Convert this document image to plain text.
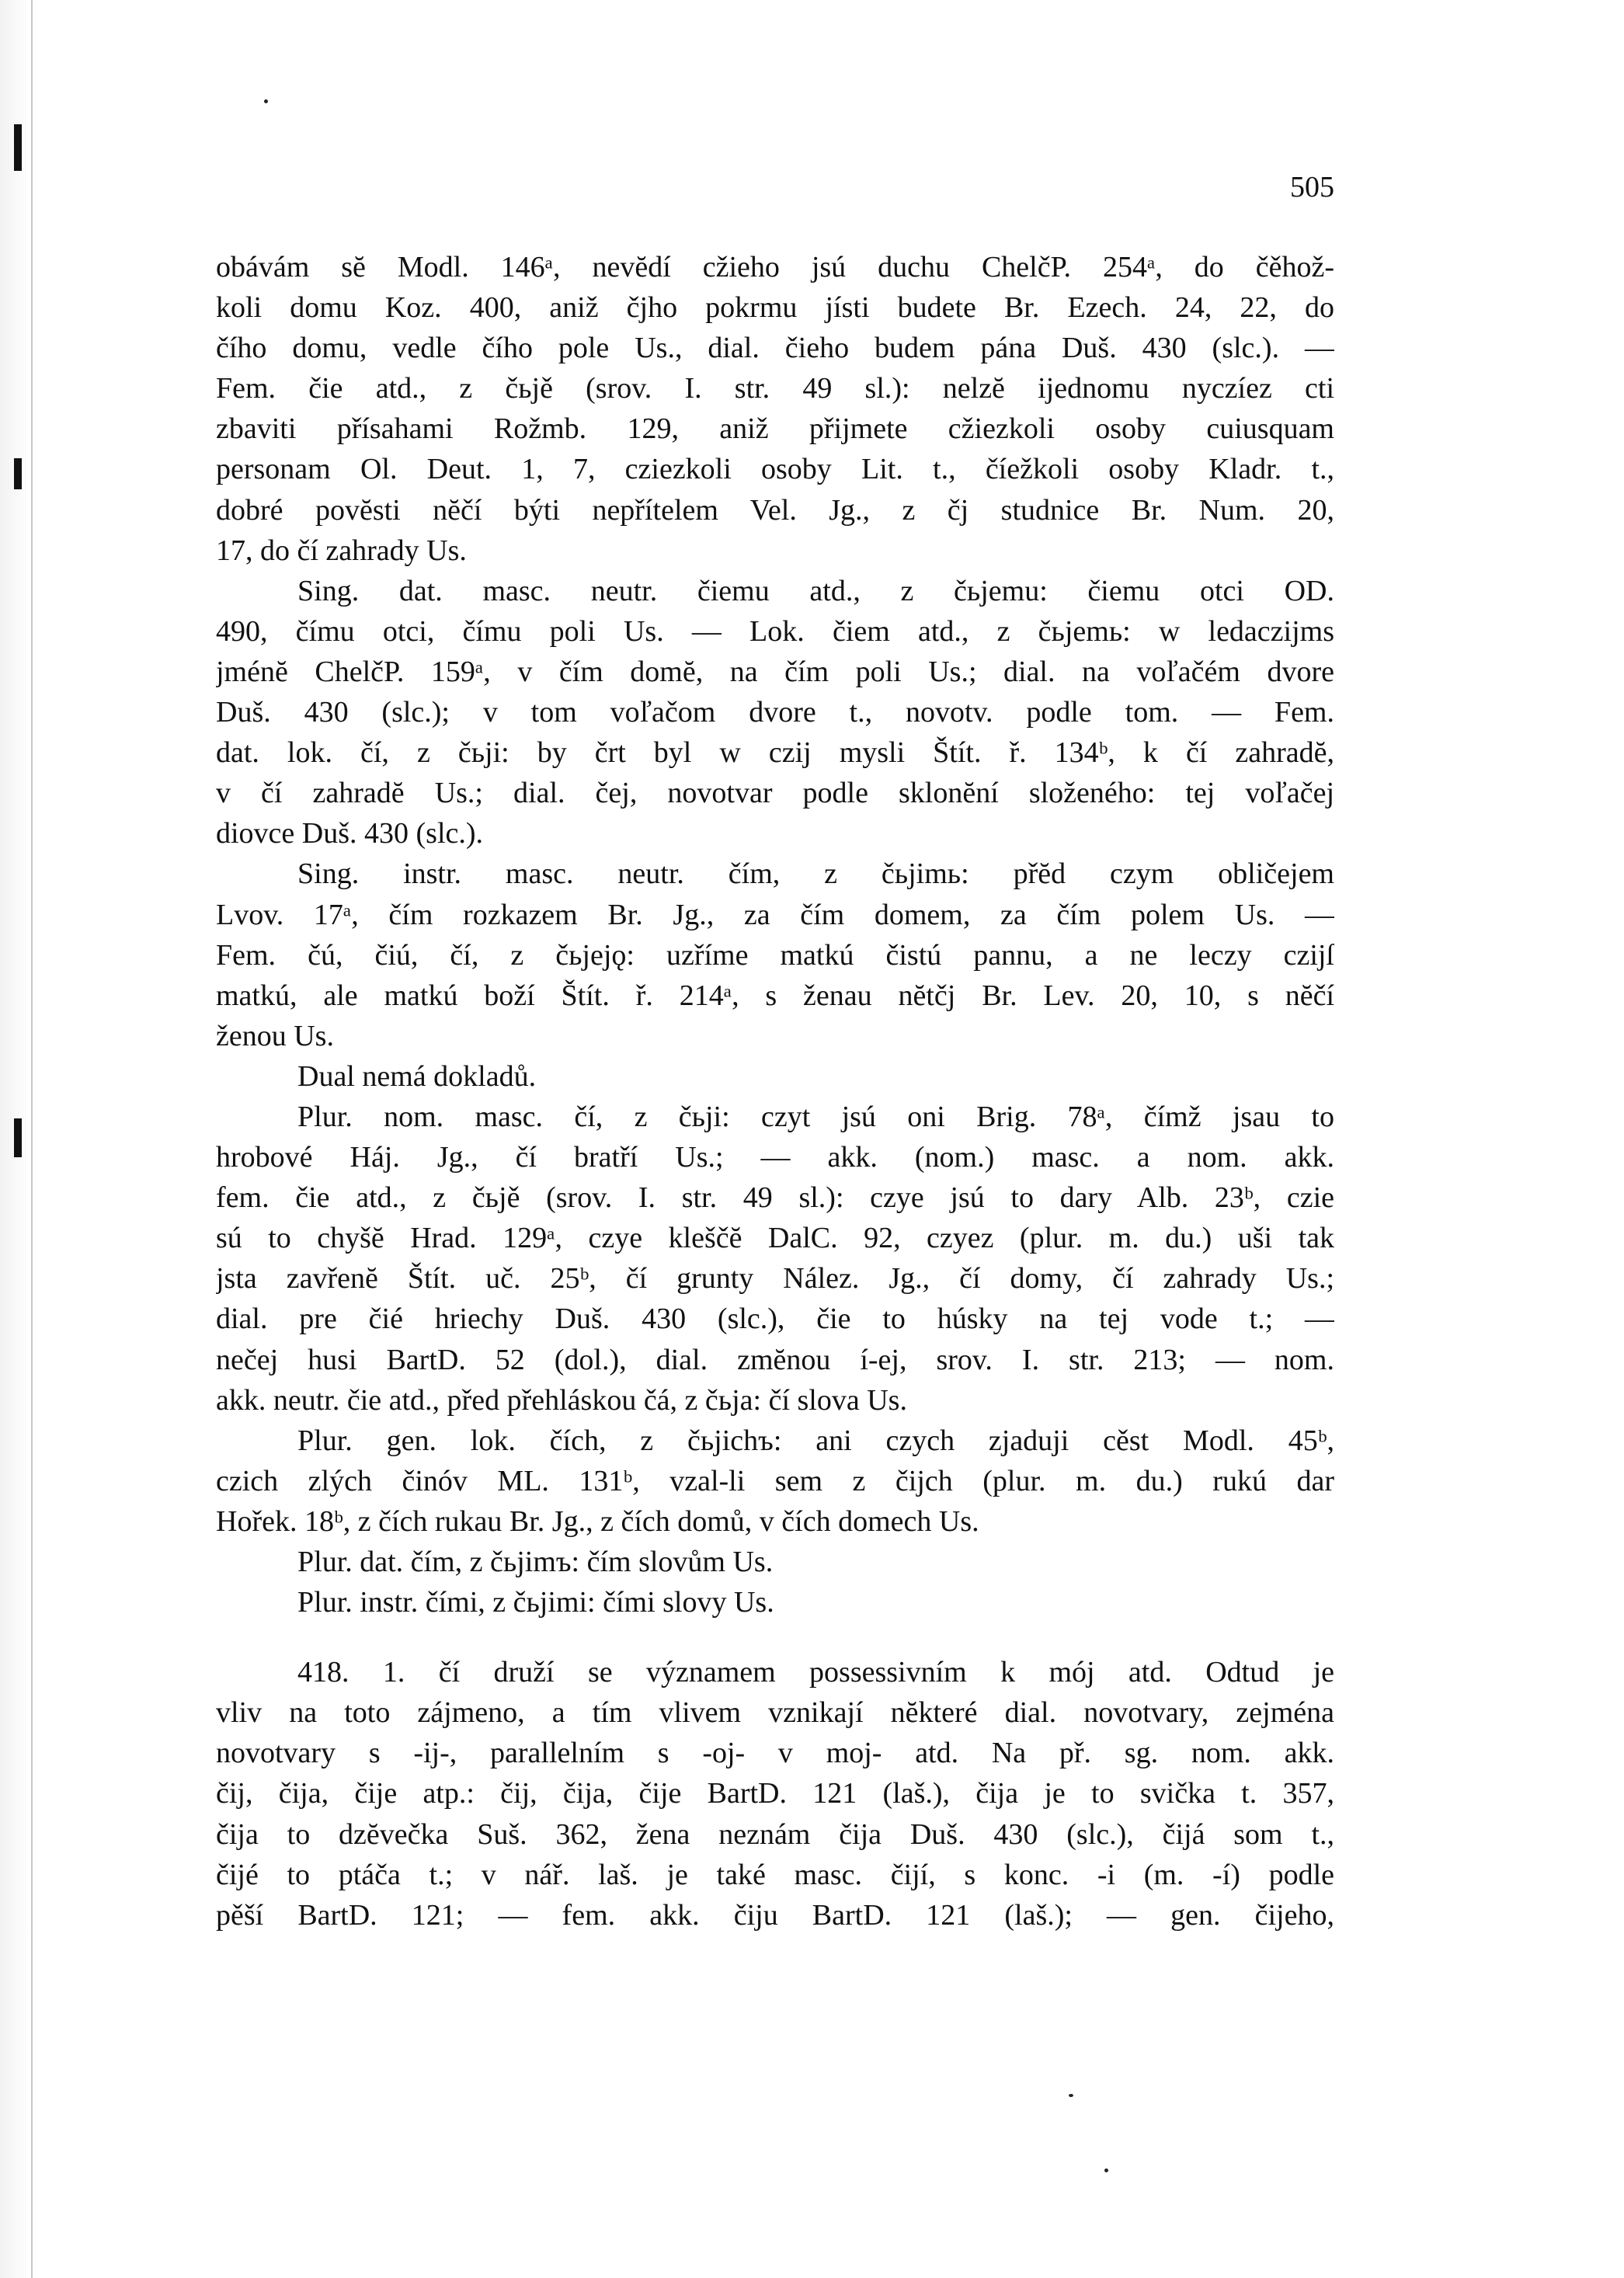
505
obávám sĕ Modl. 146ᵃ, nevĕdí cžieho jsú duchu ChelčP. 254ᵃ, do čěhož-
koli domu Koz. 400, aniž čjho pokrmu jísti budete Br. Ezech. 24, 22, do
čího domu, vedle čího pole Us., dial. čieho budem pána Duš. 430 (slc.). —
Fem. čie atd., z čьjě (srov. I. str. 49 sl.): nelzĕ ijednomu nyczíez cti
zbaviti přísahami Rožmb. 129, aniž přijmete cžiezkoli osoby cuiusquam
personam Ol. Deut. 1, 7, cziezkoli osoby Lit. t., číežkoli osoby Kladr. t.,
dobré povĕsti nĕčí býti nepřítelem Vel. Jg., z čj studnice Br. Num. 20,
17, do čí zahrady Us.
Sing. dat. masc. neutr. čiemu atd., z čьjemu: čiemu otci OD.
490, čímu otci, čímu poli Us. — Lok. čiem atd., z čьjemь: w ledaczijms
jménĕ ChelčP. 159ᵃ, v čím domĕ, na čím poli Us.; dial. na voľačém dvore
Duš. 430 (slc.); v tom voľačom dvore t., novotv. podle tom. — Fem.
dat. lok. čí, z čьji: by črt byl w czij mysli Štít. ř. 134ᵇ, k čí zahradĕ,
v čí zahradĕ Us.; dial. čej, novotvar podle sklonĕní složeného: tej voľačej
diovce Duš. 430 (slc.).
Sing. instr. masc. neutr. čím, z čьjimь: přĕd czym obličejem
Lvov. 17ᵃ, čím rozkazem Br. Jg., za čím domem, za čím polem Us. —
Fem. čú, čiú, čí, z čьjejǫ: uzříme matkú čistú pannu, a ne leczy czijſ
matkú, ale matkú boží Štít. ř. 214ᵃ, s ženau nĕtčj Br. Lev. 20, 10, s nĕčí
ženou Us.
Dual nemá dokladů.
Plur. nom. masc. čí, z čьji: czyt jsú oni Brig. 78ᵃ, čímž jsau to
hrobové Háj. Jg., čí bratří Us.; — akk. (nom.) masc. a nom. akk.
fem. čie atd., z čьjě (srov. I. str. 49 sl.): czye jsú to dary Alb. 23ᵇ, czie
sú to chyšĕ Hrad. 129ᵃ, czye kleščĕ DalC. 92, czyez (plur. m. du.) uši tak
jsta zavřenĕ Štít. uč. 25ᵇ, čí grunty Nález. Jg., čí domy, čí zahrady Us.;
dial. pre čié hriechy Duš. 430 (slc.), čie to húsky na tej vode t.; —
nečej husi BartD. 52 (dol.), dial. zmĕnou í-ej, srov. I. str. 213; — nom.
akk. neutr. čie atd., před přehláskou čá, z čьja: čí slova Us.
Plur. gen. lok. čích, z čьjichъ: ani czych zjaduji cěst Modl. 45ᵇ,
czich zlých činóv ML. 131ᵇ, vzal-li sem z čijch (plur. m. du.) rukú dar
Hořek. 18ᵇ, z čích rukau Br. Jg., z čích domů, v čích domech Us.
Plur. dat. čím, z čьjimъ: čím slovům Us.
Plur. instr. čími, z čьjimi: čími slovy Us.
418. 1. čí druží se významem possessivním k mój atd. Odtud je
vliv na toto zájmeno, a tím vlivem vznikají nĕkteré dial. novotvary, zejména
novotvary s -ij-, parallelním s -oj- v moj- atd. Na př. sg. nom. akk.
čij, čija, čije atp.: čij, čija, čije BartD. 121 (laš.), čija je to svička t. 357,
čija to dzĕvečka Suš. 362, žena neznám čija Duš. 430 (slc.), čijá som t.,
čijé to ptáča t.; v nář. laš. je také masc. čijí, s konc. -i (m. -í) podle
pěší BartD. 121; — fem. akk. čiju BartD. 121 (laš.); — gen. čijeho,
